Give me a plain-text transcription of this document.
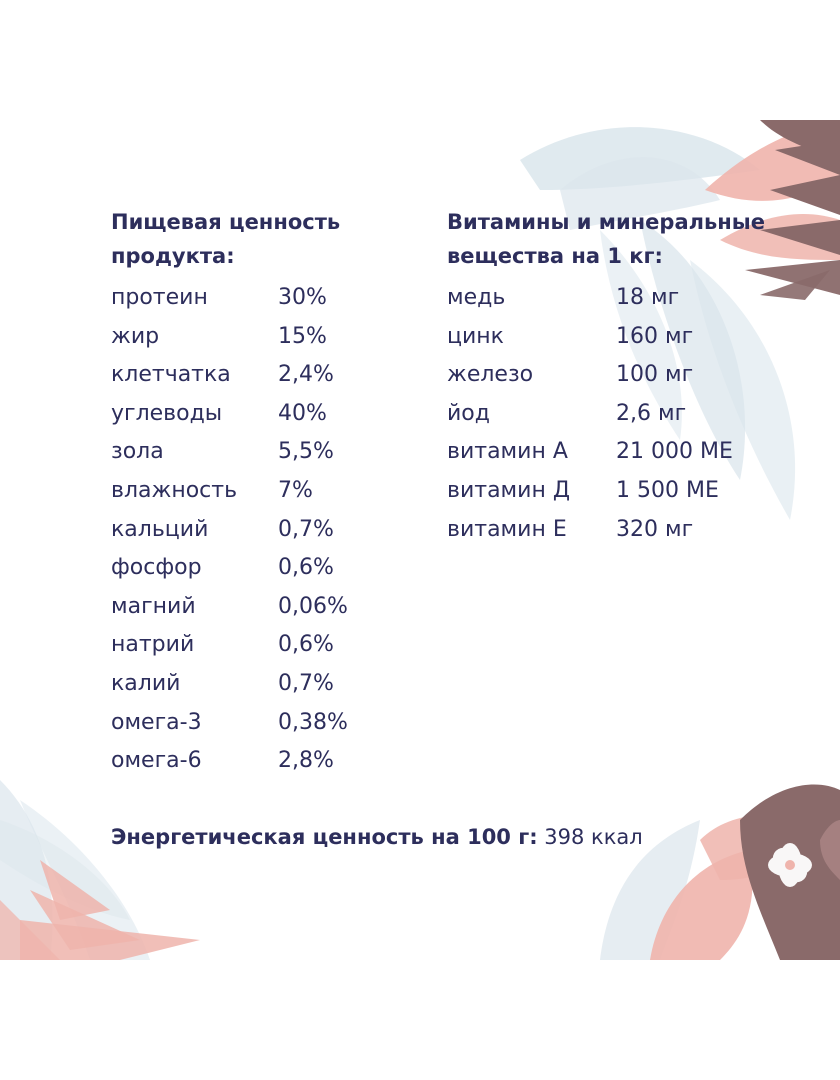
Пищевая ценность
продукта:
протеин	30%
жир	15%
клетчатка 2,4%
углеводы	40%
зола	5,5%
влажность 7%
кальций	0,7%
фосфор	0,6%
магний	0,06%
натрий	0,6%
калий	0,7%
омега-3	0,38%
омега-6	2,8%
Витамины и минеральные
вещества на 1 кг:
медь	18 мг
цинк	160 мг
железо	100 мг
йод	2,6 мг
витамин А 21 000 МЕ
витамин Д 1 500 МЕ
витамин Е 320 мг

Энергетическая ценность на 100 г: 398 ккал
